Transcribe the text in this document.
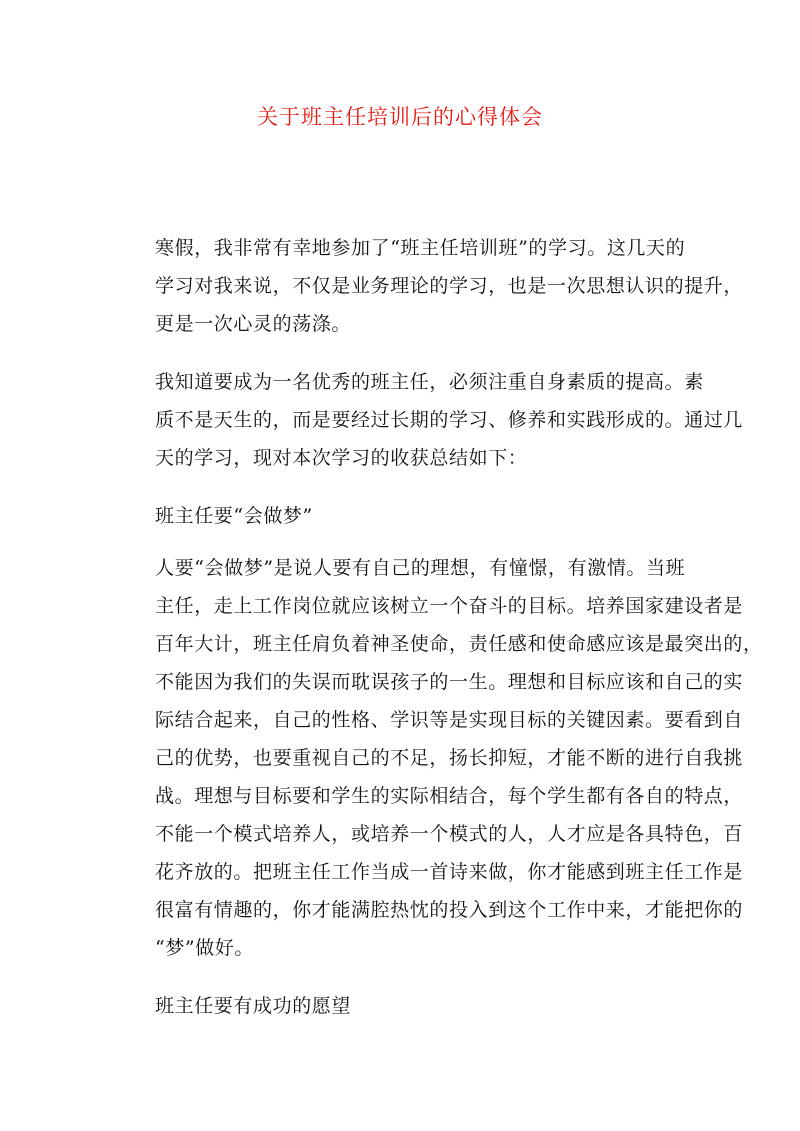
关于班主任培训后的心得体会

寒假，我非常有幸地参加了“班主任培训班”的学习。这几天的
学习对我来说，不仅是业务理论的学习，也是一次思想认识的提升，
更是一次心灵的荡涤。

我知道要成为一名优秀的班主任，必须注重自身素质的提高。素
质不是天生的，而是要经过长期的学习、修养和实践形成的。通过几
天的学习，现对本次学习的收获总结如下：

班主任要“会做梦”

人要“会做梦”是说人要有自己的理想，有憧憬，有激情。当班
主任，走上工作岗位就应该树立一个奋斗的目标。培养国家建设者是
百年大计，班主任肩负着神圣使命，责任感和使命感应该是最突出的，
不能因为我们的失误而耽误孩子的一生。理想和目标应该和自己的实
际结合起来，自己的性格、学识等是实现目标的关键因素。要看到自
己的优势，也要重视自己的不足，扬长抑短，才能不断的进行自我挑
战。理想与目标要和学生的实际相结合，每个学生都有各自的特点，
不能一个模式培养人，或培养一个模式的人，人才应是各具特色，百
花齐放的。把班主任工作当成一首诗来做，你才能感到班主任工作是
很富有情趣的，你才能满腔热忱的投入到这个工作中来，才能把你的
“梦”做好。

班主任要有成功的愿望
